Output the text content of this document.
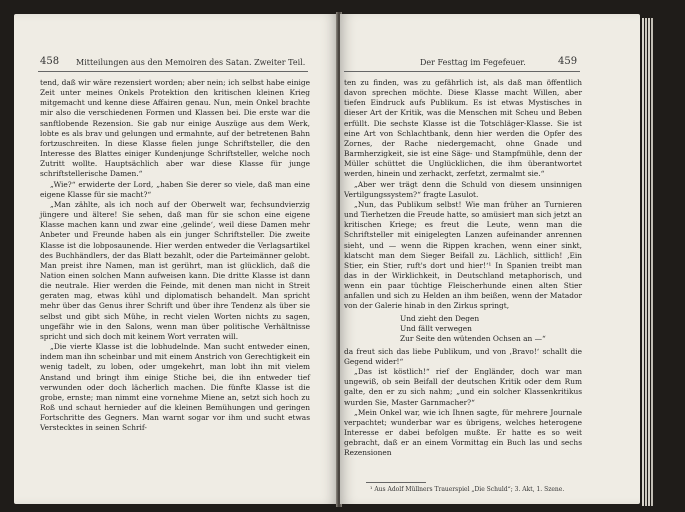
458 Mitteilungen aus den Memoiren des Satan. Zweiter Teil.

tend, daß wir wäre rezensiert worden; aber nein; ich selbst habe einige Zeit unter meines Onkels Protektion den kritischen kleinen Krieg mitgemacht und kenne diese Affairen genau. Nun, mein Onkel brachte mir also die verschiedenen Formen und Klassen bei. Die erste war die sanftlobende Rezension. Sie gab nur einige Auszüge aus dem Werk, lobte es als brav und gelungen und ermahnte, auf der betretenen Bahn fortzuschreiten. In diese Klasse fielen junge Schriftsteller, die den Interesse des Blattes einiger Kundenjunge Schriftsteller, welche noch Zutritt wollte. Hauptsächlich aber war diese Klasse für junge schriftstellerische Damen.“

„Wie?“ erwiderte der Lord, „haben Sie derer so viele, daß man eine eigene Klasse für sie macht?“

„Man zählte, als ich noch auf der Oberwelt war, fechsundvierzig jüngere und ältere! Sie sehen, daß man für sie schon eine eigene Klasse machen kann und zwar eine ‚gelinde‘, weil diese Damen mehr Anbeter und Freunde haben als ein junger Schriftsteller. Die zweite Klasse ist die lobposaunende. Hier werden entweder die Verlagsartikel des Buchhändlers, der das Blatt bezahlt, oder die Parteimänner gelobt. Man preist ihre Namen, man ist gerührt, man ist glücklich, daß die Nation einen solchen Mann aufweisen kann. Die dritte Klasse ist dann die neutrale. Hier werden die Feinde, mit denen man nicht in Streit geraten mag, etwas kühl und diplomatisch behandelt. Man spricht mehr über das Genus ihrer Schrift und über ihre Tendenz als über sie selbst und gibt sich Mühe, in recht vielen Worten nichts zu sagen, ungefähr wie in den Salons, wenn man über politische Verhältnisse spricht und sich doch mit keinem Wort verraten will.

„Die vierte Klasse ist die lobhudelnde. Man sucht entweder einen, indem man ihn scheinbar und mit einem Anstrich von Gerechtigkeit ein wenig tadelt, zu loben, oder umgekehrt, man lobt ihn mit vielem Anstand und bringt ihm einige Stiche bei, die ihn entweder tief verwunden oder doch lächerlich machen. Die fünfte Klasse ist die grobe, ernste; man nimmt eine vornehme Miene an, setzt sich hoch zu Roß und schaut hernieder auf die kleinen Bemühungen und geringen Fortschritte des Gegners. Man warnt sogar vor ihm und sucht etwas Verstecktes in seinen Schrif-

Der Festtag im Fegefeuer.	459

ten zu finden, was zu gefährlich ist, als daß man öffentlich davon sprechen möchte. Diese Klasse macht Willen, aber tiefen Eindruck aufs Publikum. Es ist etwas Mystisches in dieser Art der Kritik, was die Menschen mit Scheu und Beben erfüllt. Die sechste Klasse ist die Totschläger-Klasse. Sie ist eine Art von Schlachtbank, denn hier werden die Opfer des Zornes, der Rache niedergemacht, ohne Gnade und Barmherzigkeit, sie ist eine Säge- und Stampfmühle, denn der Müller schüttet die Unglücklichen, die ihm überantwortet werden, hinein und zerhackt, zerfetzt, zermalmt sie.“

„Aber wer trägt denn die Schuld von diesem unsinnigen Vertilgungssystem?“ fragte Lasulot.

„Nun, das Publikum selbst! Wie man früher an Turnieren und Tierhetzen die Freude hatte, so amüsiert man sich jetzt an kritischen Kriege; es freut die Leute, wenn man die Schriftsteller mit einigelegten Lanzen aufeinander anrennen sieht, und — wenn die Rippen krachen, wenn einer sinkt, klatscht man dem Sieger Beifall zu. Lächlich, sittlich! ‚Ein Stier, ein Stier, ruft's dort und hier!‘¹ In Spanien treibt man das in der Wirklichkeit, in Deutschland metaphorisch, und wenn ein paar tüchtige Fleischerhunde einen alten Stier anfallen und sich zu Helden an ihm beißen, wenn der Matador von der Galerie hinab in den Zirkus springt,

Und zieht den Degen
Und fällt verwegen
Zur Seite den wütenden Ochsen an —“

da freut sich das liebe Publikum, und von ‚Bravo!‘ schallt die Gegend wider!“

„Das ist köstlich!“ rief der Engländer, doch war man ungewiß, ob sein Beifall der deutschen Kritik oder dem Rum galte, den er zu sich nahm; „und ein solcher Klassenkritikus wurden Sie, Master Garnmacher?“

„Mein Onkel war, wie ich Ihnen sagte, für mehrere Journale verpachtet; wunderbar war es übrigens, welches heterogene Interesse er dabei befolgen mußte. Er hatte es so weit gebracht, daß er an einem Vormittag ein Buch las und sechs Rezensionen

¹ Aus Adolf Müllners Trauerspiel „Die Schuld“; 3. Akt, 1. Szene.
